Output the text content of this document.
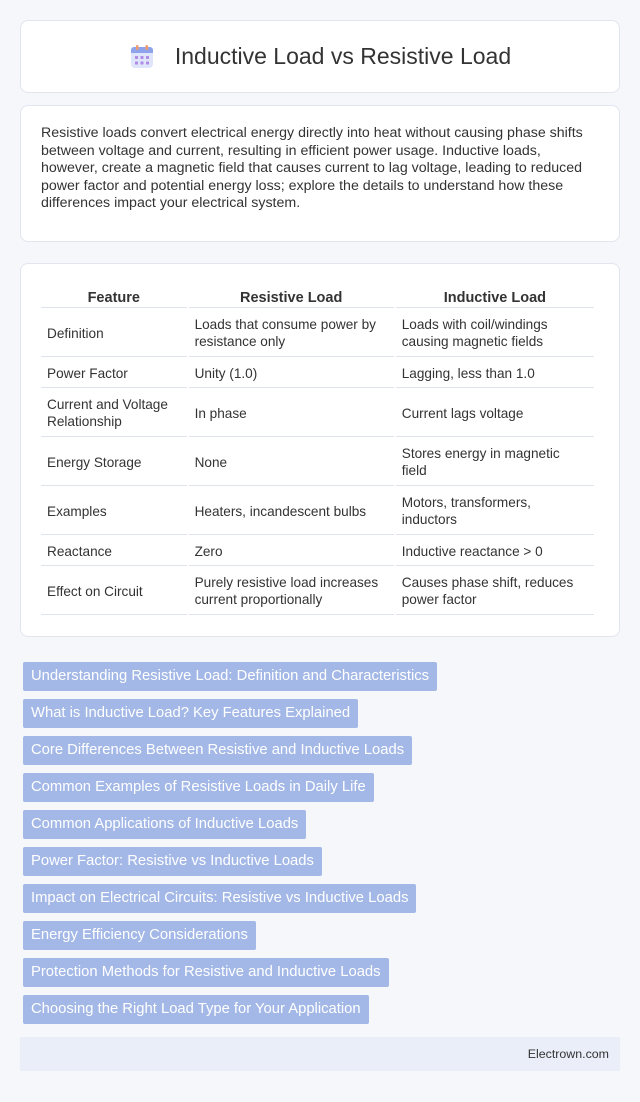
Inductive Load vs Resistive Load

Resistive loads convert electrical energy directly into heat without causing phase shifts between voltage and current, resulting in efficient power usage. Inductive loads, however, create a magnetic field that causes current to lag voltage, leading to reduced power factor and potential energy loss; explore the details to understand how these differences impact your electrical system.

Feature	Resistive Load	Inductive Load
Definition	Loads that consume power by resistance only	Loads with coil/windings causing magnetic fields
Power Factor	Unity (1.0)	Lagging, less than 1.0
Current and Voltage Relationship	In phase	Current lags voltage
Energy Storage	None	Stores energy in magnetic field
Examples	Heaters, incandescent bulbs	Motors, transformers, inductors
Reactance	Zero	Inductive reactance > 0
Effect on Circuit	Purely resistive load increases current proportionally	Causes phase shift, reduces power factor
Understanding Resistive Load: Definition and Characteristics
What is Inductive Load? Key Features Explained
Core Differences Between Resistive and Inductive Loads
Common Examples of Resistive Loads in Daily Life
Common Applications of Inductive Loads
Power Factor: Resistive vs Inductive Loads
Impact on Electrical Circuits: Resistive vs Inductive Loads
Energy Efficiency Considerations
Protection Methods for Resistive and Inductive Loads
Choosing the Right Load Type for Your Application
Electrown.com
